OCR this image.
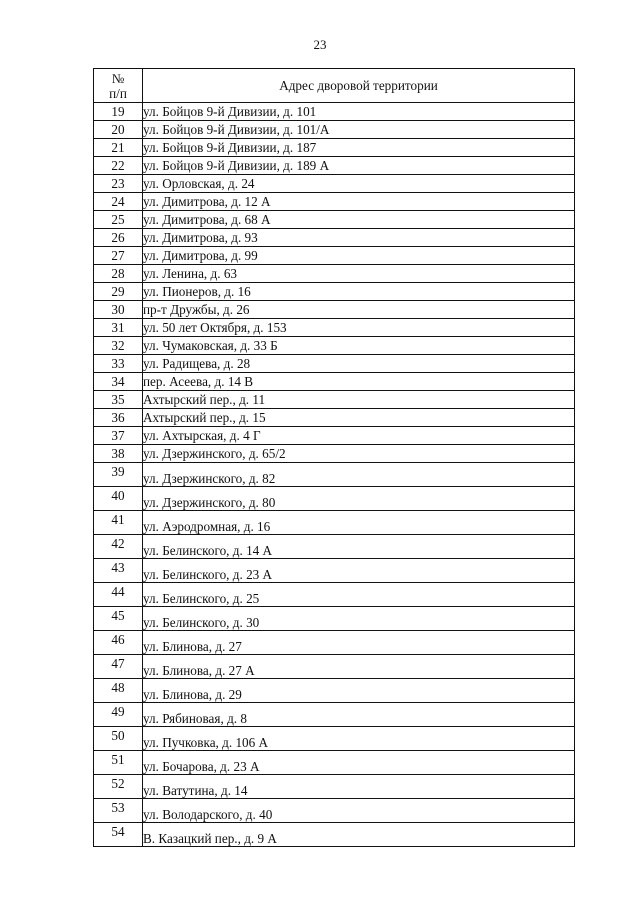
23
№
п/п	Адрес дворовой территории
19	ул. Бойцов 9-й Дивизии, д. 101
20	ул. Бойцов 9-й Дивизии, д. 101/А
21	ул. Бойцов 9-й Дивизии, д. 187
22	ул. Бойцов 9-й Дивизии, д. 189 А
23	ул. Орловская, д. 24
24	ул. Димитрова, д. 12 А
25	ул. Димитрова, д. 68 А
26	ул. Димитрова, д. 93
27	ул. Димитрова, д. 99
28	ул. Ленина, д. 63
29	ул. Пионеров, д. 16
30	пр-т Дружбы, д. 26
31	ул. 50 лет Октября, д. 153
32	ул. Чумаковская, д. 33 Б
33	ул. Радищева, д. 28
34	пер. Асеева, д. 14 В
35	Ахтырский пер., д. 11
36	Ахтырский пер., д. 15
37	ул. Ахтырская, д. 4 Г
38	ул. Дзержинского, д. 65/2
39	ул. Дзержинского, д. 82
40	ул. Дзержинского, д. 80
41	ул. Аэродромная, д. 16
42	ул. Белинского, д. 14 А
43	ул. Белинского, д. 23 А
44	ул. Белинского, д. 25
45	ул. Белинского, д. 30
46	ул. Блинова, д. 27
47	ул. Блинова, д. 27 А
48	ул. Блинова, д. 29
49	ул. Рябиновая, д. 8
50	ул. Пучковка, д. 106 А
51	ул. Бочарова, д. 23 А
52	ул. Ватутина, д. 14
53	ул. Володарского, д. 40
54	В. Казацкий пер., д. 9 А
